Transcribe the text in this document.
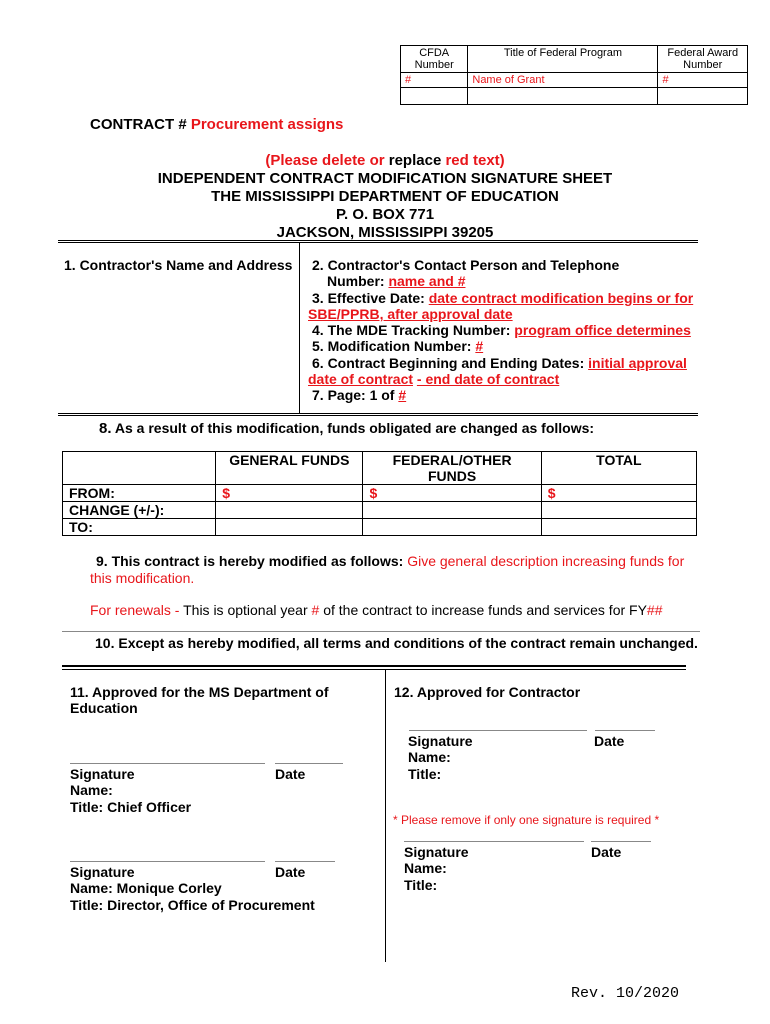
CFDA Number	Title of Federal Program	Federal Award Number
#	Name of Grant	#

CONTRACT # Procurement assigns
(Please delete or replace red text)
INDEPENDENT CONTRACT MODIFICATION SIGNATURE SHEET
THE MISSISSIPPI DEPARTMENT OF EDUCATION
P. O. BOX 771
JACKSON, MISSISSIPPI 39205
1. Contractor's Name and Address 2. Contractor's Contact Person and Telephone
Number: name and #
3. Effective Date: date contract modification begins or for
SBE/PPRB, after approval date
4. The MDE Tracking Number: program office determines
5. Modification Number: #
6. Contract Beginning and Ending Dates: initial approval
date of contract - end date of contract
7. Page: 1 of #
8. As a result of this modification, funds obligated are changed as follows:
	GENERAL FUNDS	FEDERAL/OTHER FUNDS	TOTAL
FROM:	$	$	$
CHANGE (+/-):			
TO:			
9. This contract is hereby modified as follows: Give general description increasing funds for this modification.
For renewals - This is optional year # of the contract to increase funds and services for FY##
10. Except as hereby modified, all terms and conditions of the contract remain unchanged.
11. Approved for the MS Department of Education
Signature
Name:
Title: Chief Officer
Date
Signature
Name: Monique Corley
Title: Director, Office of Procurement
Date
12. Approved for Contractor
Signature
Name:
Title:
Date
* Please remove if only one signature is required *
Signature
Name:
Title:
Date
Rev. 10/2020
